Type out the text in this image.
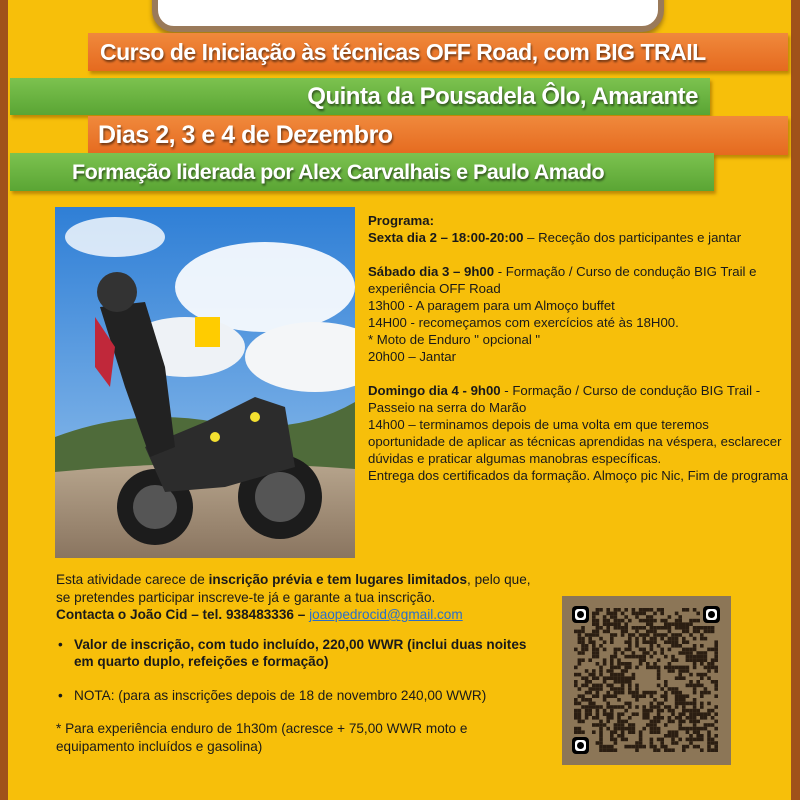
Curso de Iniciação às técnicas OFF Road, com BIG TRAIL
Quinta da Pousadela Ôlo, Amarante
Dias 2, 3 e 4 de Dezembro
Formação liderada por Alex Carvalhais e Paulo Amado
Programa:

Sexta dia 2 – 18:00-20:00 – Receção dos participantes e jantar

Sábado dia 3 – 9h00 - Formação / Curso de condução BIG Trail e experiência OFF Road
13h00 - A paragem para um Almoço buffet
14H00 - recomeçamos com exercícios até às 18H00.
* Moto de Enduro " opcional "
20h00 – Jantar

Domingo dia 4 - 9h00 - Formação / Curso de condução BIG Trail - Passeio na serra do Marão
14h00 – terminamos depois de uma volta em que teremos oportunidade de aplicar as técnicas aprendidas na véspera, esclarecer dúvidas e praticar algumas manobras específicas.
Entrega dos certificados da formação. Almoço pic Nic, Fim de programa

Esta atividade carece de inscrição prévia e tem lugares limitados, pelo que, se pretendes participar inscreve-te já e garante a tua inscrição.

Contacta o João Cid – tel. 938483336 – joaopedrocid@gmail.com

• Valor de inscrição, com tudo incluído, 220,00 WWR (inclui duas noites em quarto duplo, refeições e formação)
• NOTA: (para as inscrições depois de 18 de novembro 240,00 WWR)

* Para experiência enduro de 1h30m (acresce + 75,00 WWR moto e equipamento incluídos e gasolina)
